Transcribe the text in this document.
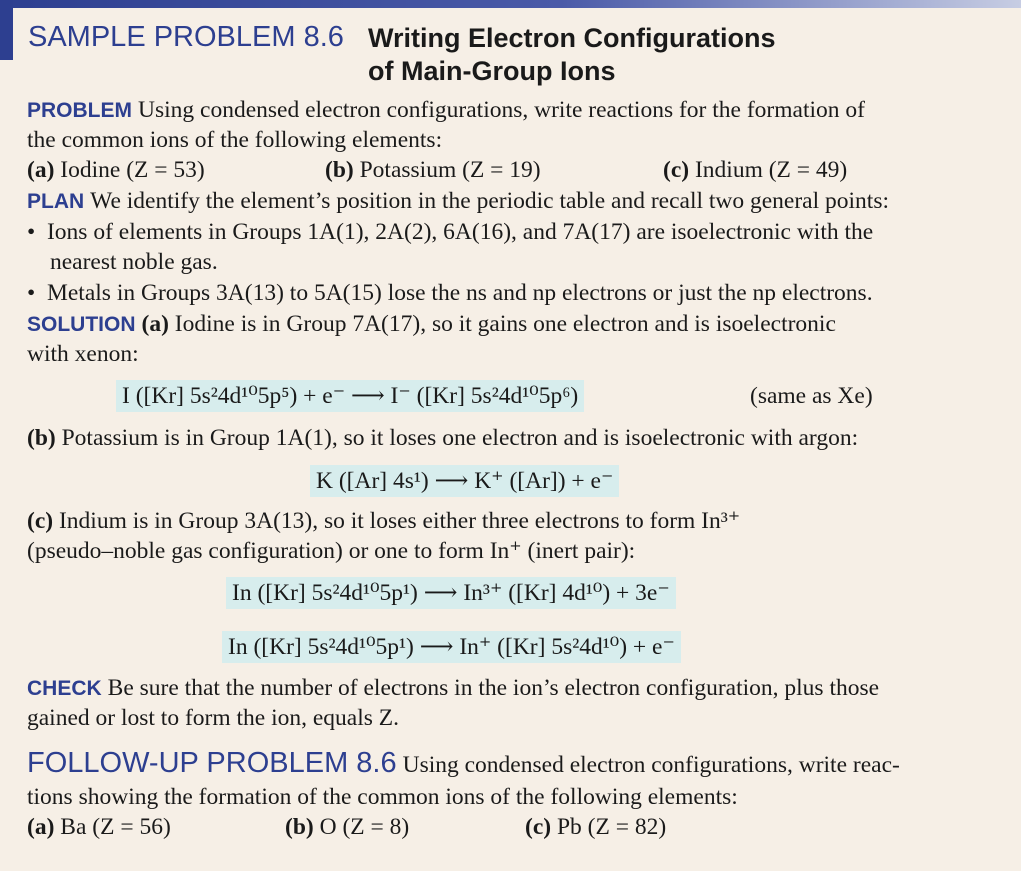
SAMPLE PROBLEM 8.6 Writing Electron Configurations
of Main-Group Ions
PROBLEM Using condensed electron configurations, write reactions for the formation of
the common ions of the following elements:
(a) Iodine (Z = 53)	(b) Potassium (Z = 19)	(c) Indium (Z = 49)
PLAN We identify the element’s position in the periodic table and recall two general points:
•  Ions of elements in Groups 1A(1), 2A(2), 6A(16), and 7A(17) are isoelectronic with the
nearest noble gas.
•  Metals in Groups 3A(13) to 5A(15) lose the ns and np electrons or just the np electrons.
SOLUTION (a) Iodine is in Group 7A(17), so it gains one electron and is isoelectronic
with xenon:
I ([Kr] 5s²4d¹⁰5p⁵) + e⁻ ⟶ I⁻ ([Kr] 5s²4d¹⁰5p⁶)	(same as Xe)
(b) Potassium is in Group 1A(1), so it loses one electron and is isoelectronic with argon:
K ([Ar] 4s¹) ⟶ K⁺ ([Ar]) + e⁻
(c) Indium is in Group 3A(13), so it loses either three electrons to form In³⁺
(pseudo–noble gas configuration) or one to form In⁺ (inert pair):
In ([Kr] 5s²4d¹⁰5p¹) ⟶ In³⁺ ([Kr] 4d¹⁰) + 3e⁻
In ([Kr] 5s²4d¹⁰5p¹) ⟶ In⁺ ([Kr] 5s²4d¹⁰) + e⁻
CHECK Be sure that the number of electrons in the ion’s electron configuration, plus those
gained or lost to form the ion, equals Z.
FOLLOW-UP PROBLEM 8.6 Using condensed electron configurations, write reac-
tions showing the formation of the common ions of the following elements:
(a) Ba (Z = 56)	(b) O (Z = 8)	(c) Pb (Z = 82)
